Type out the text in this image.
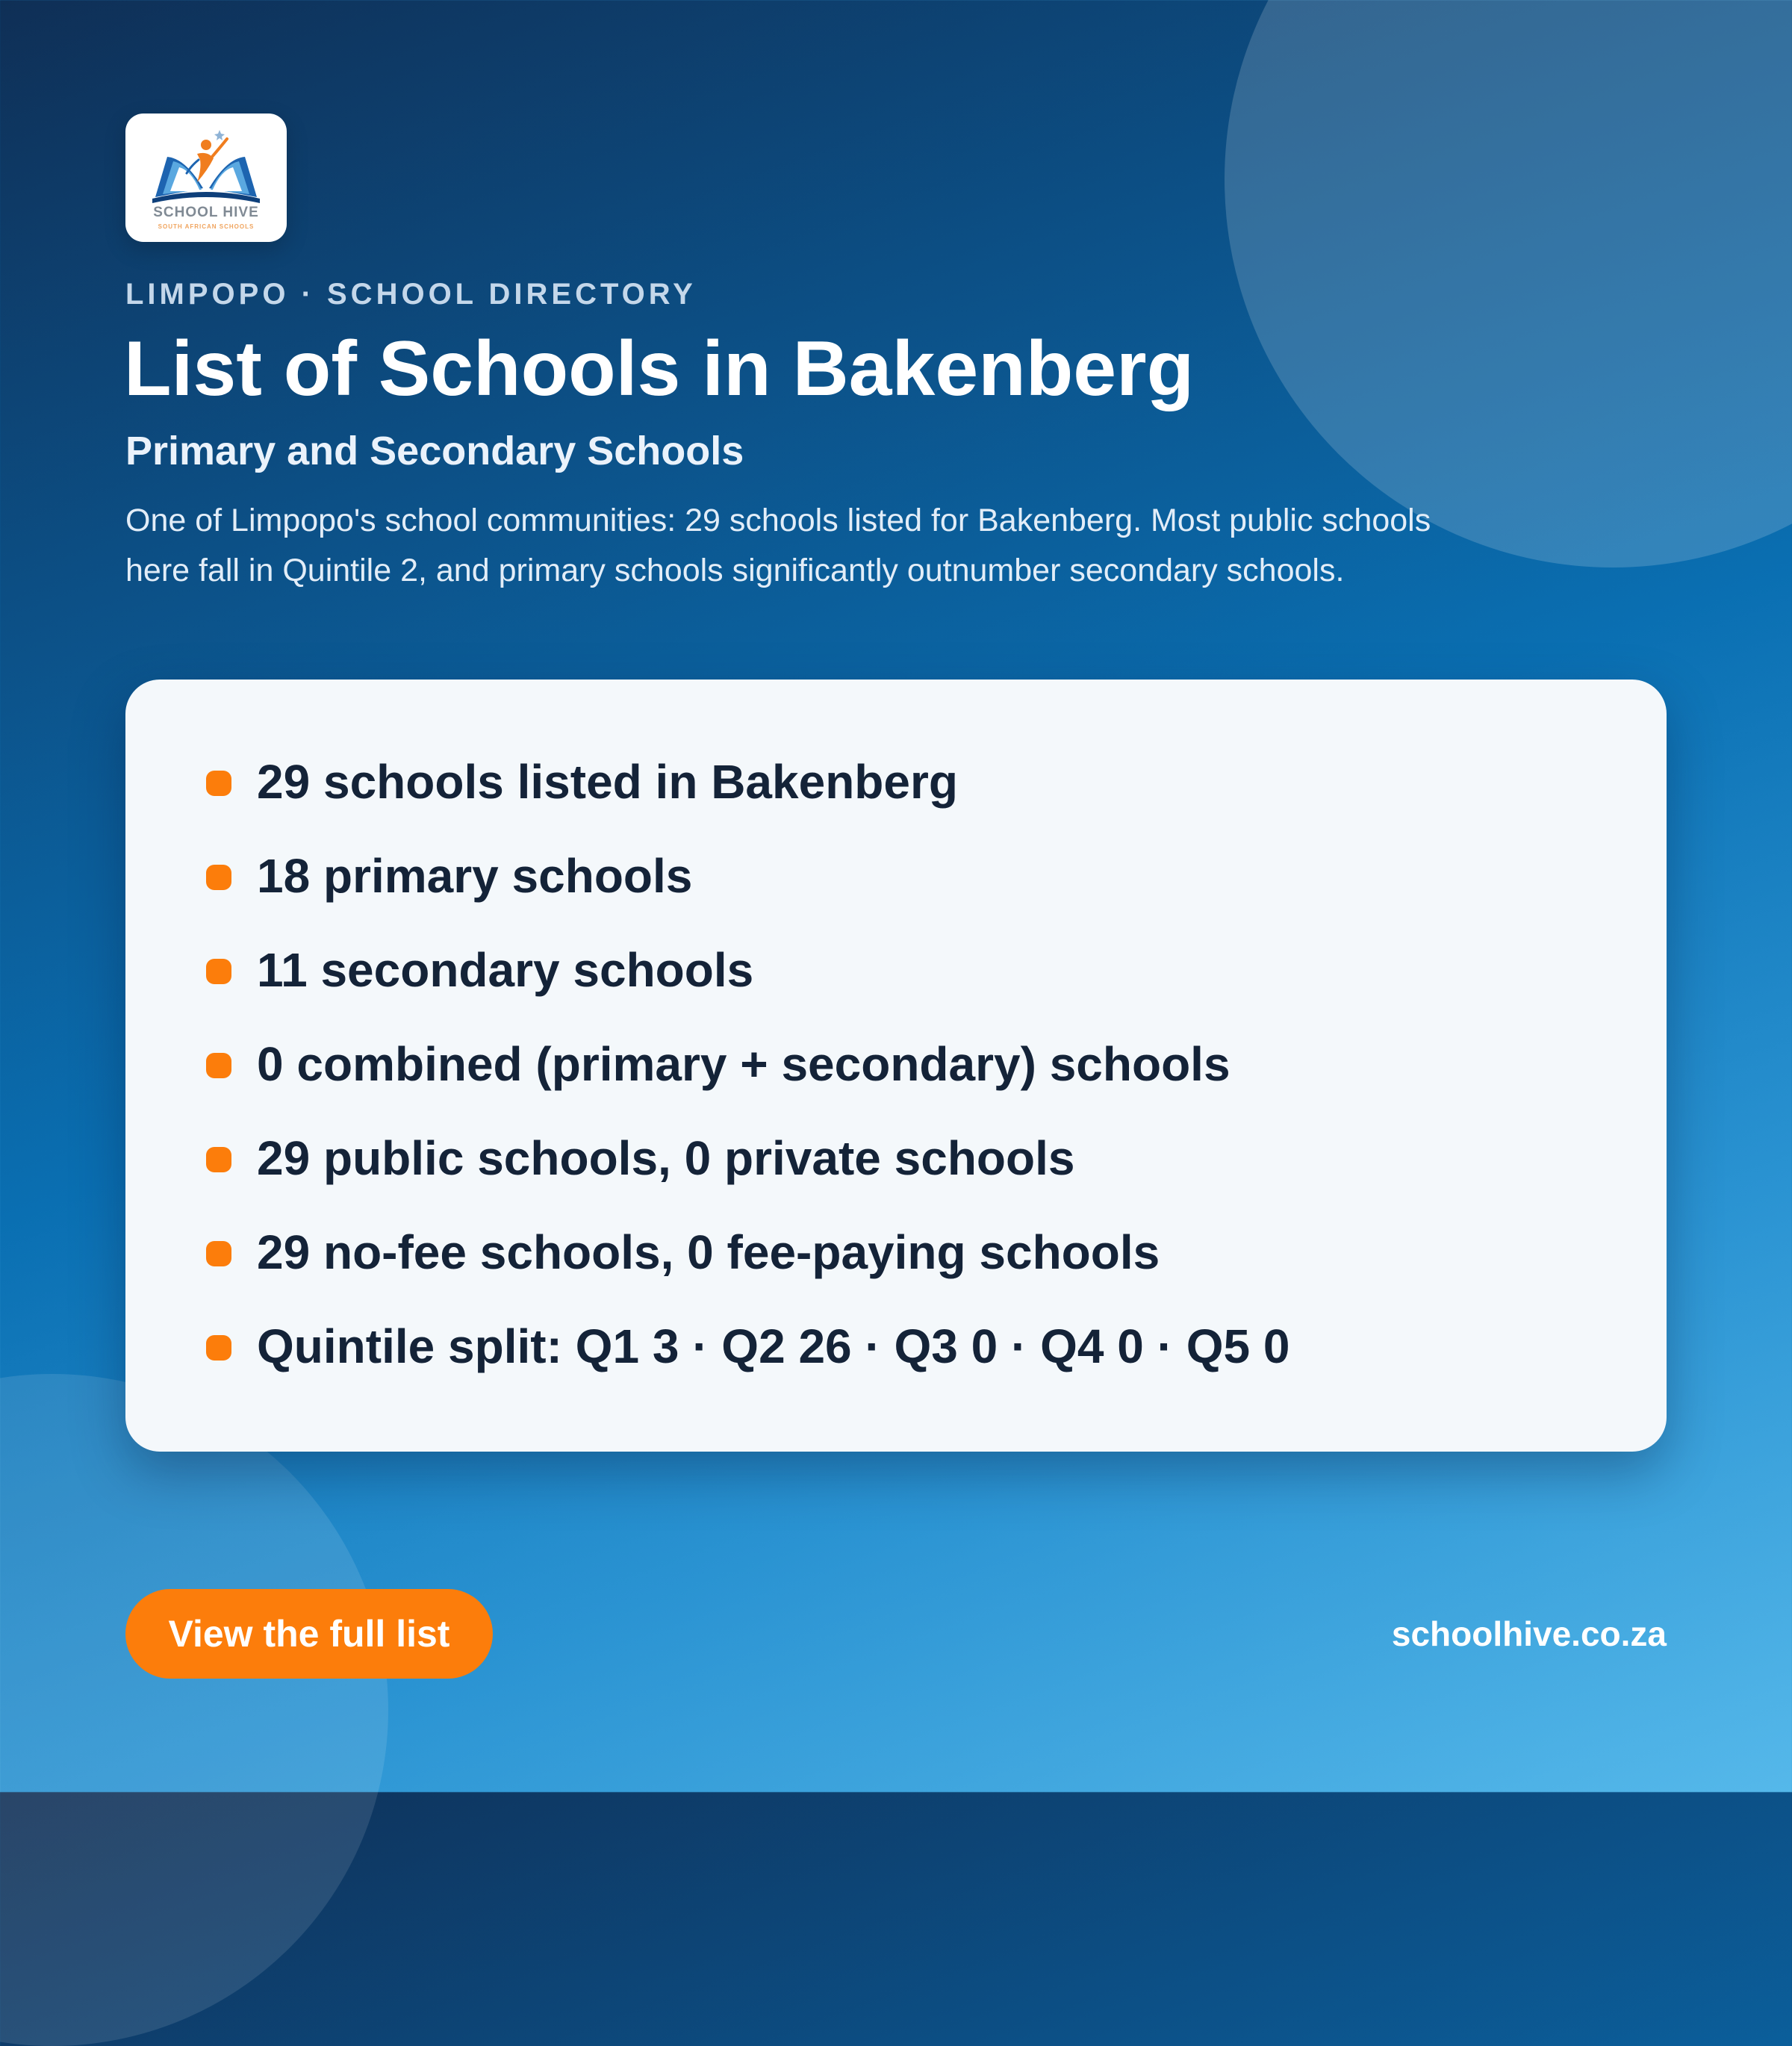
SCHOOL HIVE
SOUTH AFRICAN SCHOOLS

LIMPOPO · SCHOOL DIRECTORY

List of Schools in Bakenberg
Primary and Secondary Schools

One of Limpopo's school communities: 29 schools listed for Bakenberg. Most public schools here fall in Quintile 2, and primary schools significantly outnumber secondary schools.

29 schools listed in Bakenberg
18 primary schools
11 secondary schools
0 combined (primary + secondary) schools
29 public schools, 0 private schools
29 no-fee schools, 0 fee-paying schools
Quintile split: Q1 3 · Q2 26 · Q3 0 · Q4 0 · Q5 0
View the full list	schoolhive.co.za
